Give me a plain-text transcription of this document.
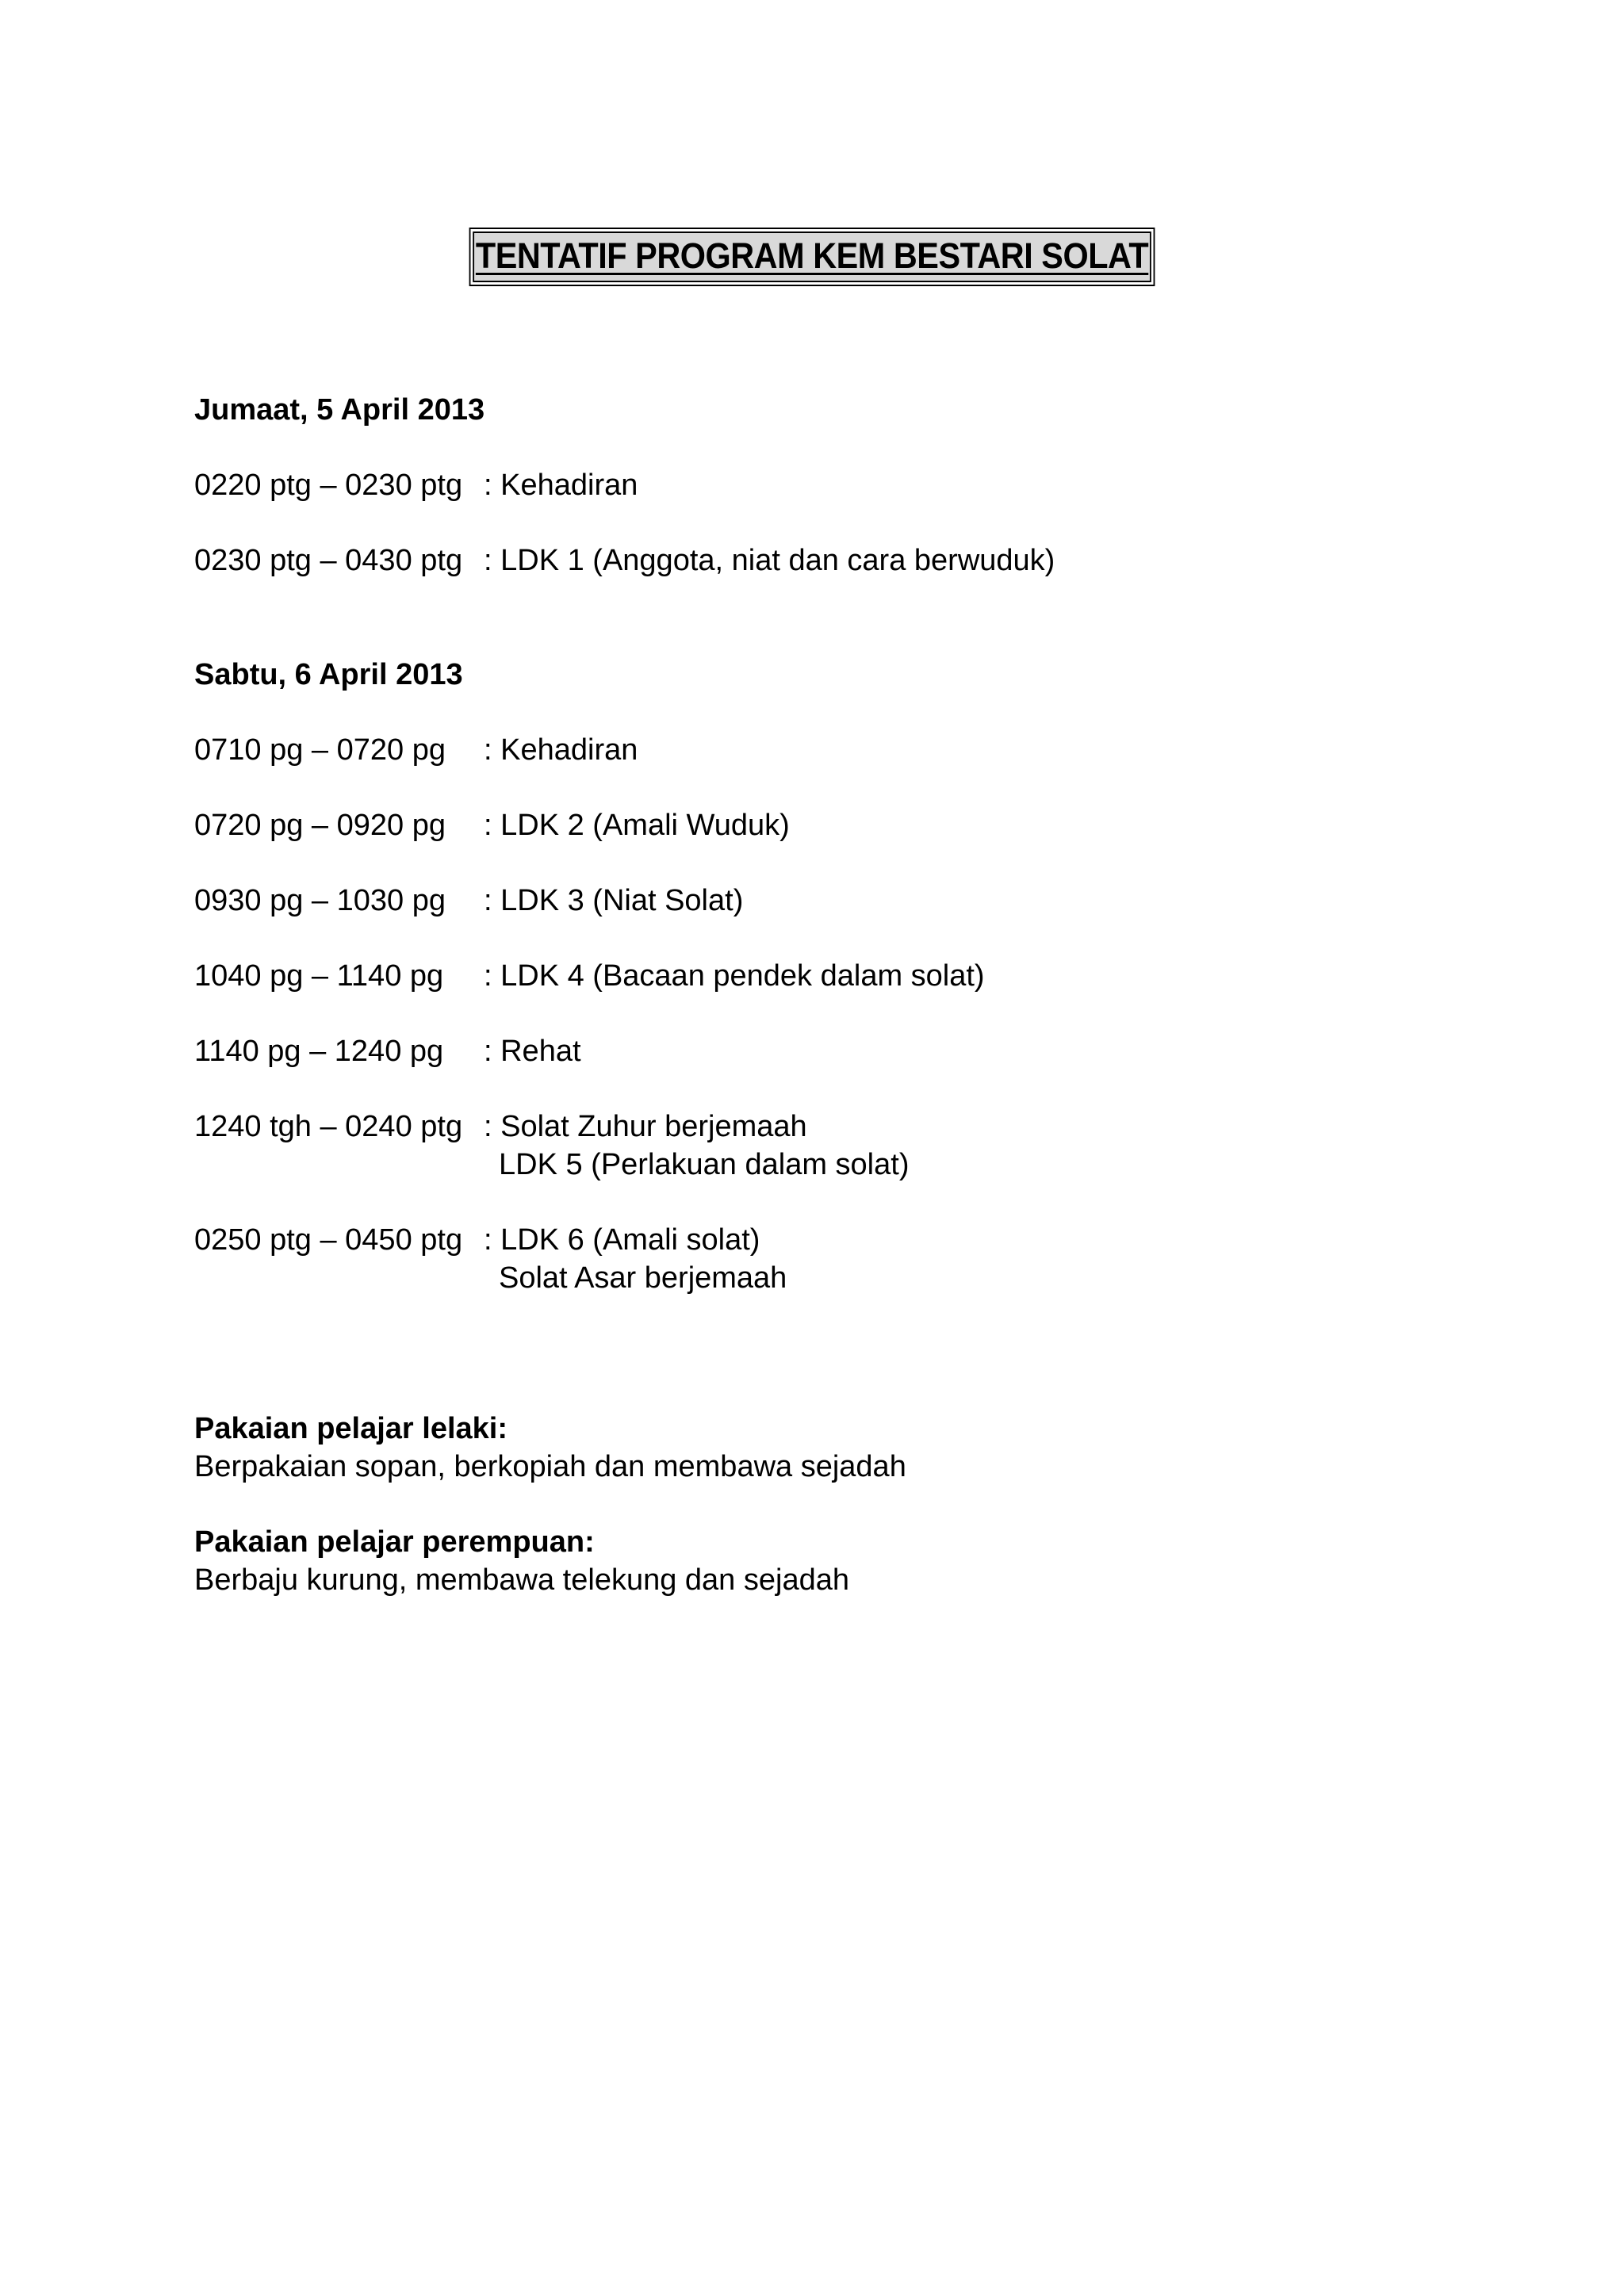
TENTATIF PROGRAM KEM BESTARI SOLAT
Jumaat, 5 April 2013
0220 ptg – 0230 ptg : Kehadiran
0230 ptg – 0430 ptg : LDK 1 (Anggota, niat dan cara berwuduk)
Sabtu, 6 April 2013
0710 pg – 0720 pg : Kehadiran
0720 pg – 0920 pg : LDK 2 (Amali Wuduk)
0930 pg – 1030 pg : LDK 3 (Niat Solat)
1040 pg – 1140 pg : LDK 4 (Bacaan pendek dalam solat)
1140 pg – 1240 pg : Rehat
1240 tgh – 0240 ptg : Solat Zuhur berjemaah
LDK 5 (Perlakuan dalam solat)
0250 ptg – 0450 ptg : LDK 6 (Amali solat)
Solat Asar berjemaah
Pakaian pelajar lelaki:
Berpakaian sopan, berkopiah dan membawa sejadah
Pakaian pelajar perempuan:
Berbaju kurung, membawa telekung dan sejadah
